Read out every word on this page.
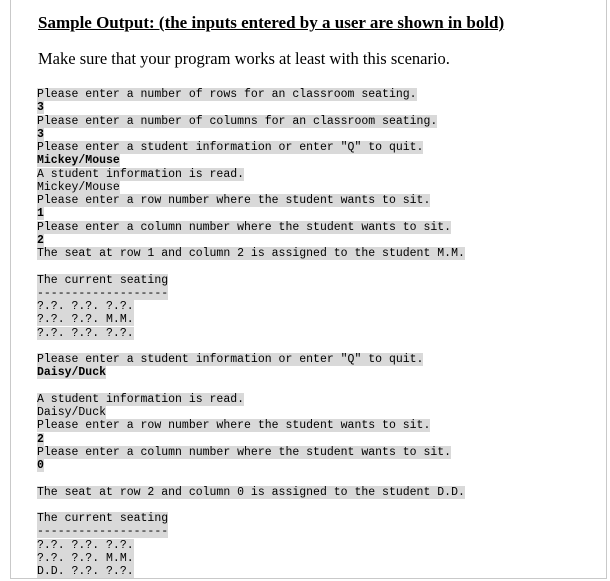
Sample Output: (the inputs entered by a user are shown in bold)

Make sure that your program works at least with this scenario.

Please enter a number of rows for an classroom seating.
3
Please enter a number of columns for an classroom seating.
3
Please enter a student information or enter "Q" to quit.
Mickey/Mouse
A student information is read.
Mickey/Mouse
Please enter a row number where the student wants to sit.
1
Please enter a column number where the student wants to sit.
2
The seat at row 1 and column 2 is assigned to the student M.M.
The current seating
-------------------
?.?. ?.?. ?.?.
?.?. ?.?. M.M.
?.?. ?.?. ?.?.
Please enter a student information or enter "Q" to quit.
Daisy/Duck
A student information is read.
Daisy/Duck
Please enter a row number where the student wants to sit.
2
Please enter a column number where the student wants to sit.
0
The seat at row 2 and column 0 is assigned to the student D.D.
The current seating
-------------------
?.?. ?.?. ?.?.
?.?. ?.?. M.M.
D.D. ?.?. ?.?.
